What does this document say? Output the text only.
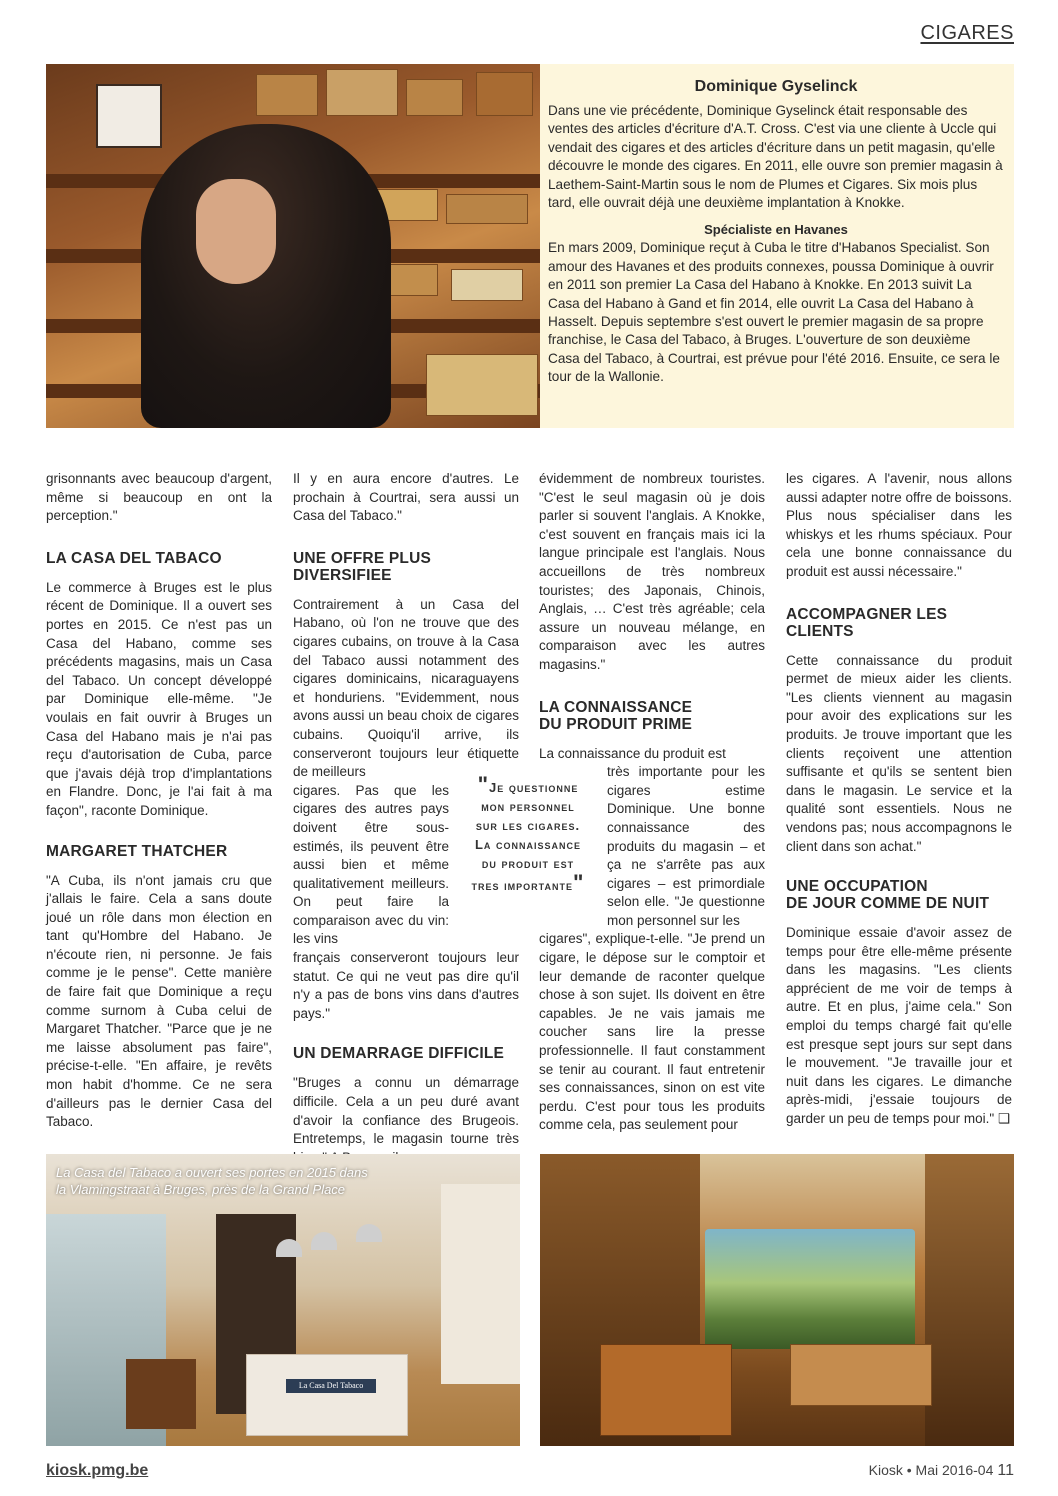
CIGARES
Dominique Gyselinck

Dans une vie précédente, Dominique Gyselinck était responsable des ventes des articles d'écriture d'A.T. Cross. C'est via une cliente à Uccle qui vendait des cigares et des articles d'écriture dans un petit magasin, qu'elle découvre le monde des cigares. En 2011, elle ouvre son premier magasin à Laethem-Saint-Martin sous le nom de Plumes et Cigares. Six mois plus tard, elle ouvrait déjà une deuxième implantation à Knokke.

Spécialiste en Havanes

En mars 2009, Dominique reçut à Cuba le titre d'Habanos Specialist. Son amour des Havanes et des produits connexes, poussa Dominique à ouvrir en 2011 son premier La Casa del Habano à Knokke. En 2013 suivit La Casa del Habano à Gand et fin 2014, elle ouvrit La Casa del Habano à Hasselt. Depuis septembre s'est ouvert le premier magasin de sa propre franchise, le Casa del Tabaco, à Bruges. L'ouverture de son deuxième Casa del Tabaco, à Courtrai, est prévue pour l'été 2016. Ensuite, ce sera le tour de la Wallonie.

grisonnants avec beaucoup d'argent, même si beaucoup en ont la perception."

LA CASA DEL TABACO

Le commerce à Bruges est le plus récent de Dominique. Il a ouvert ses portes en 2015. Ce n'est pas un Casa del Habano, comme ses précédents magasins, mais un Casa del Tabaco. Un concept développé par Dominique elle-même. "Je voulais en fait ouvrir à Bruges un Casa del Habano mais je n'ai pas reçu d'autorisation de Cuba, parce que j'avais déjà trop d'implantations en Flandre. Donc, je l'ai fait à ma façon", raconte Dominique.

MARGARET THATCHER

"A Cuba, ils n'ont jamais cru que j'allais le faire. Cela a sans doute joué un rôle dans mon élection en tant qu'Hombre del Habano. Je n'écoute rien, ni personne. Je fais comme je le pense". Cette manière de faire fait que Dominique a reçu comme surnom à Cuba celui de Margaret Thatcher. "Parce que je ne me laisse absolument pas faire", précise-t-elle. "En affaire, je revêts mon habit d'homme. Ce ne sera d'ailleurs pas le dernier Casa del Tabaco.

Il y en aura encore d'autres. Le prochain à Courtrai, sera aussi un Casa del Tabaco."

UNE OFFRE PLUS DIVERSIFIEE

Contrairement à un Casa del Habano, où l'on ne trouve que des cigares cubains, on trouve à la Casa del Tabaco aussi notamment des cigares dominicains, nicaraguayens et honduriens. "Evidemment, nous avons aussi un beau choix de cigares cubains. Quoiqu'il arrive, ils conserveront toujours leur étiquette de meilleurs

cigares. Pas que les cigares des autres pays doivent être sous-estimés, ils peuvent être aussi bien et même qualitativement meilleurs. On peut faire la comparaison avec du vin: les vins

français conserveront toujours leur statut. Ce qui ne veut pas dire qu'il n'y a pas de bons vins dans d'autres pays."

UN DEMARRAGE DIFFICILE

"Bruges a connu un démarrage difficile. Cela a un peu duré avant d'avoir la confiance des Brugeois. Entretemps, le magasin tourne très

"Je questionne
mon personnel
sur les cigares.
La connaissance
du produit est
tres importante"

évidemment de nombreux touristes. "C'est le seul magasin où je dois parler si souvent l'anglais. A Knokke, c'est souvent en français mais ici la langue principale est l'anglais. Nous accueillons de très nombreux touristes; des Japonais, Chinois, Anglais, … C'est très agréable; cela assure un nouveau mélange, en comparaison avec les autres magasins."

LA CONNAISSANCE
DU PRODUIT PRIME

La connaissance du produit est

très importante pour les cigares estime Dominique. Une bonne connaissance des produits du magasin – et ça ne s'arrête pas aux cigares – est primordiale selon elle. "Je questionne mon personnel sur les

cigares", explique-t-elle. "Je prend un cigare, le dépose sur le comptoir et leur demande de raconter quelque chose à son sujet. Ils doivent en être capables. Je ne vais jamais me coucher sans lire la presse professionnelle. Il faut constamment se tenir au courant. Il faut entretenir ses connaissances, sinon on est vite perdu. C'est pour tous les produits comme cela, pas seulement pour

les cigares. A l'avenir, nous allons aussi adapter notre offre de boissons. Plus nous spécialiser dans les whiskys et les rhums spéciaux. Pour cela une bonne connaissance du produit est aussi nécessaire."

ACCOMPAGNER LES CLIENTS

Cette connaissance du produit permet de mieux aider les clients. "Les clients viennent au magasin pour avoir des explications sur les produits. Je trouve important que les clients reçoivent une attention suffisante et qu'ils se sentent bien dans le magasin. Le service et la qualité sont essentiels. Nous ne vendons pas; nous accompagnons le client dans son achat."

UNE OCCUPATION
DE JOUR COMME DE NUIT

Dominique essaie d'avoir assez de temps pour être elle-même présente dans les magasins. "Les clients apprécient de me voir de temps à autre. Et en plus, j'aime cela." Son emploi du temps chargé fait qu'elle est presque sept jours sur sept dans le mouvement. "Je travaille jour et nuit dans les cigares. Le dimanche après-midi, j'essaie toujours de garder un peu de temps pour moi." ❑

La Casa Del Tabaco
La Casa del Tabaco a ouvert ses portes en 2015 dans
la Vlamingstraat à Bruges, près de la Grand Place
kiosk.pmg.be	Kiosk • Mai 2016-04 11
